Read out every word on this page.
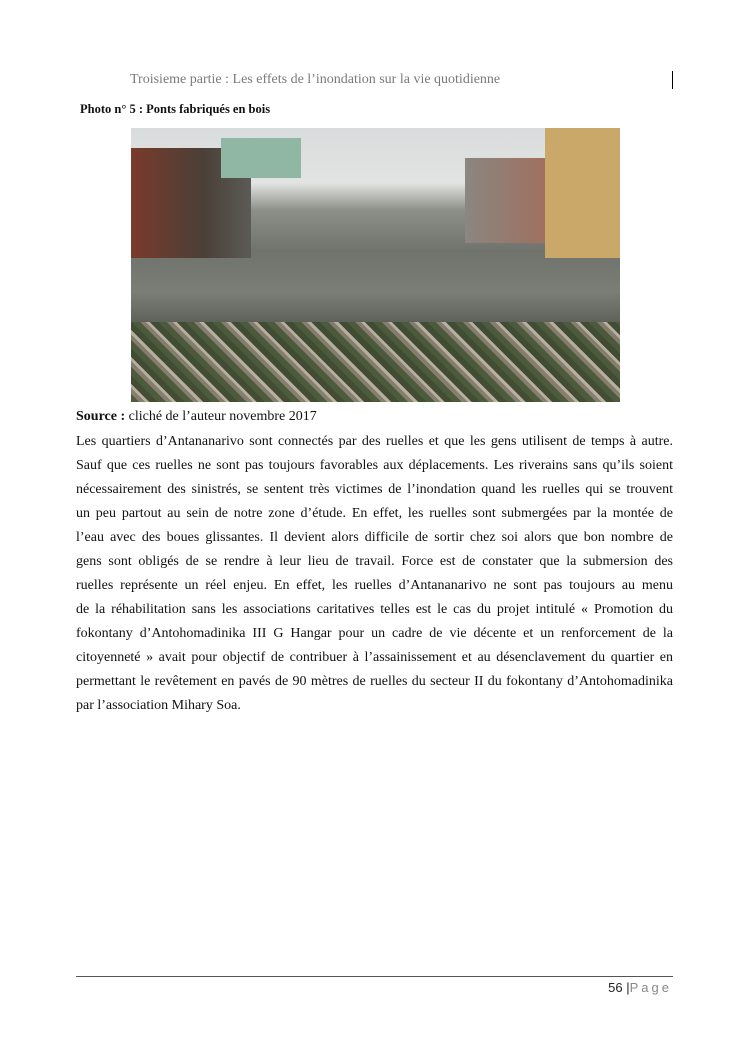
Troisieme partie : Les effets de l’inondation sur la vie quotidienne
Photo n° 5 : Ponts fabriqués en bois
Source : cliché de l’auteur novembre 2017
Les quartiers d’Antananarivo sont connectés par des ruelles et que les gens utilisent de temps à autre.
Sauf que ces ruelles ne sont pas toujours favorables aux déplacements. Les riverains sans qu’ils soient
nécessairement des sinistrés, se sentent très victimes de l’inondation quand les ruelles qui se trouvent
un peu partout au sein de notre zone d’étude. En effet, les ruelles sont submergées par la montée de
l’eau avec des boues glissantes. Il devient alors difficile de sortir chez soi alors que bon nombre de
gens sont obligés de se rendre à leur lieu de travail. Force est de constater que la submersion des
ruelles représente un réel enjeu. En effet, les ruelles d’Antananarivo ne sont pas toujours au menu
de la réhabilitation sans les associations caritatives telles est le cas du projet intitulé « Promotion du
fokontany d’Antohomadinika III G Hangar pour un cadre de vie décente et un renforcement de la
citoyenneté » avait pour objectif de contribuer à l’assainissement et au désenclavement du quartier en
permettant le revêtement en pavés de 90 mètres de ruelles du secteur II du fokontany d’Antohomadinika
par l’association Mihary Soa.
56 |Page
